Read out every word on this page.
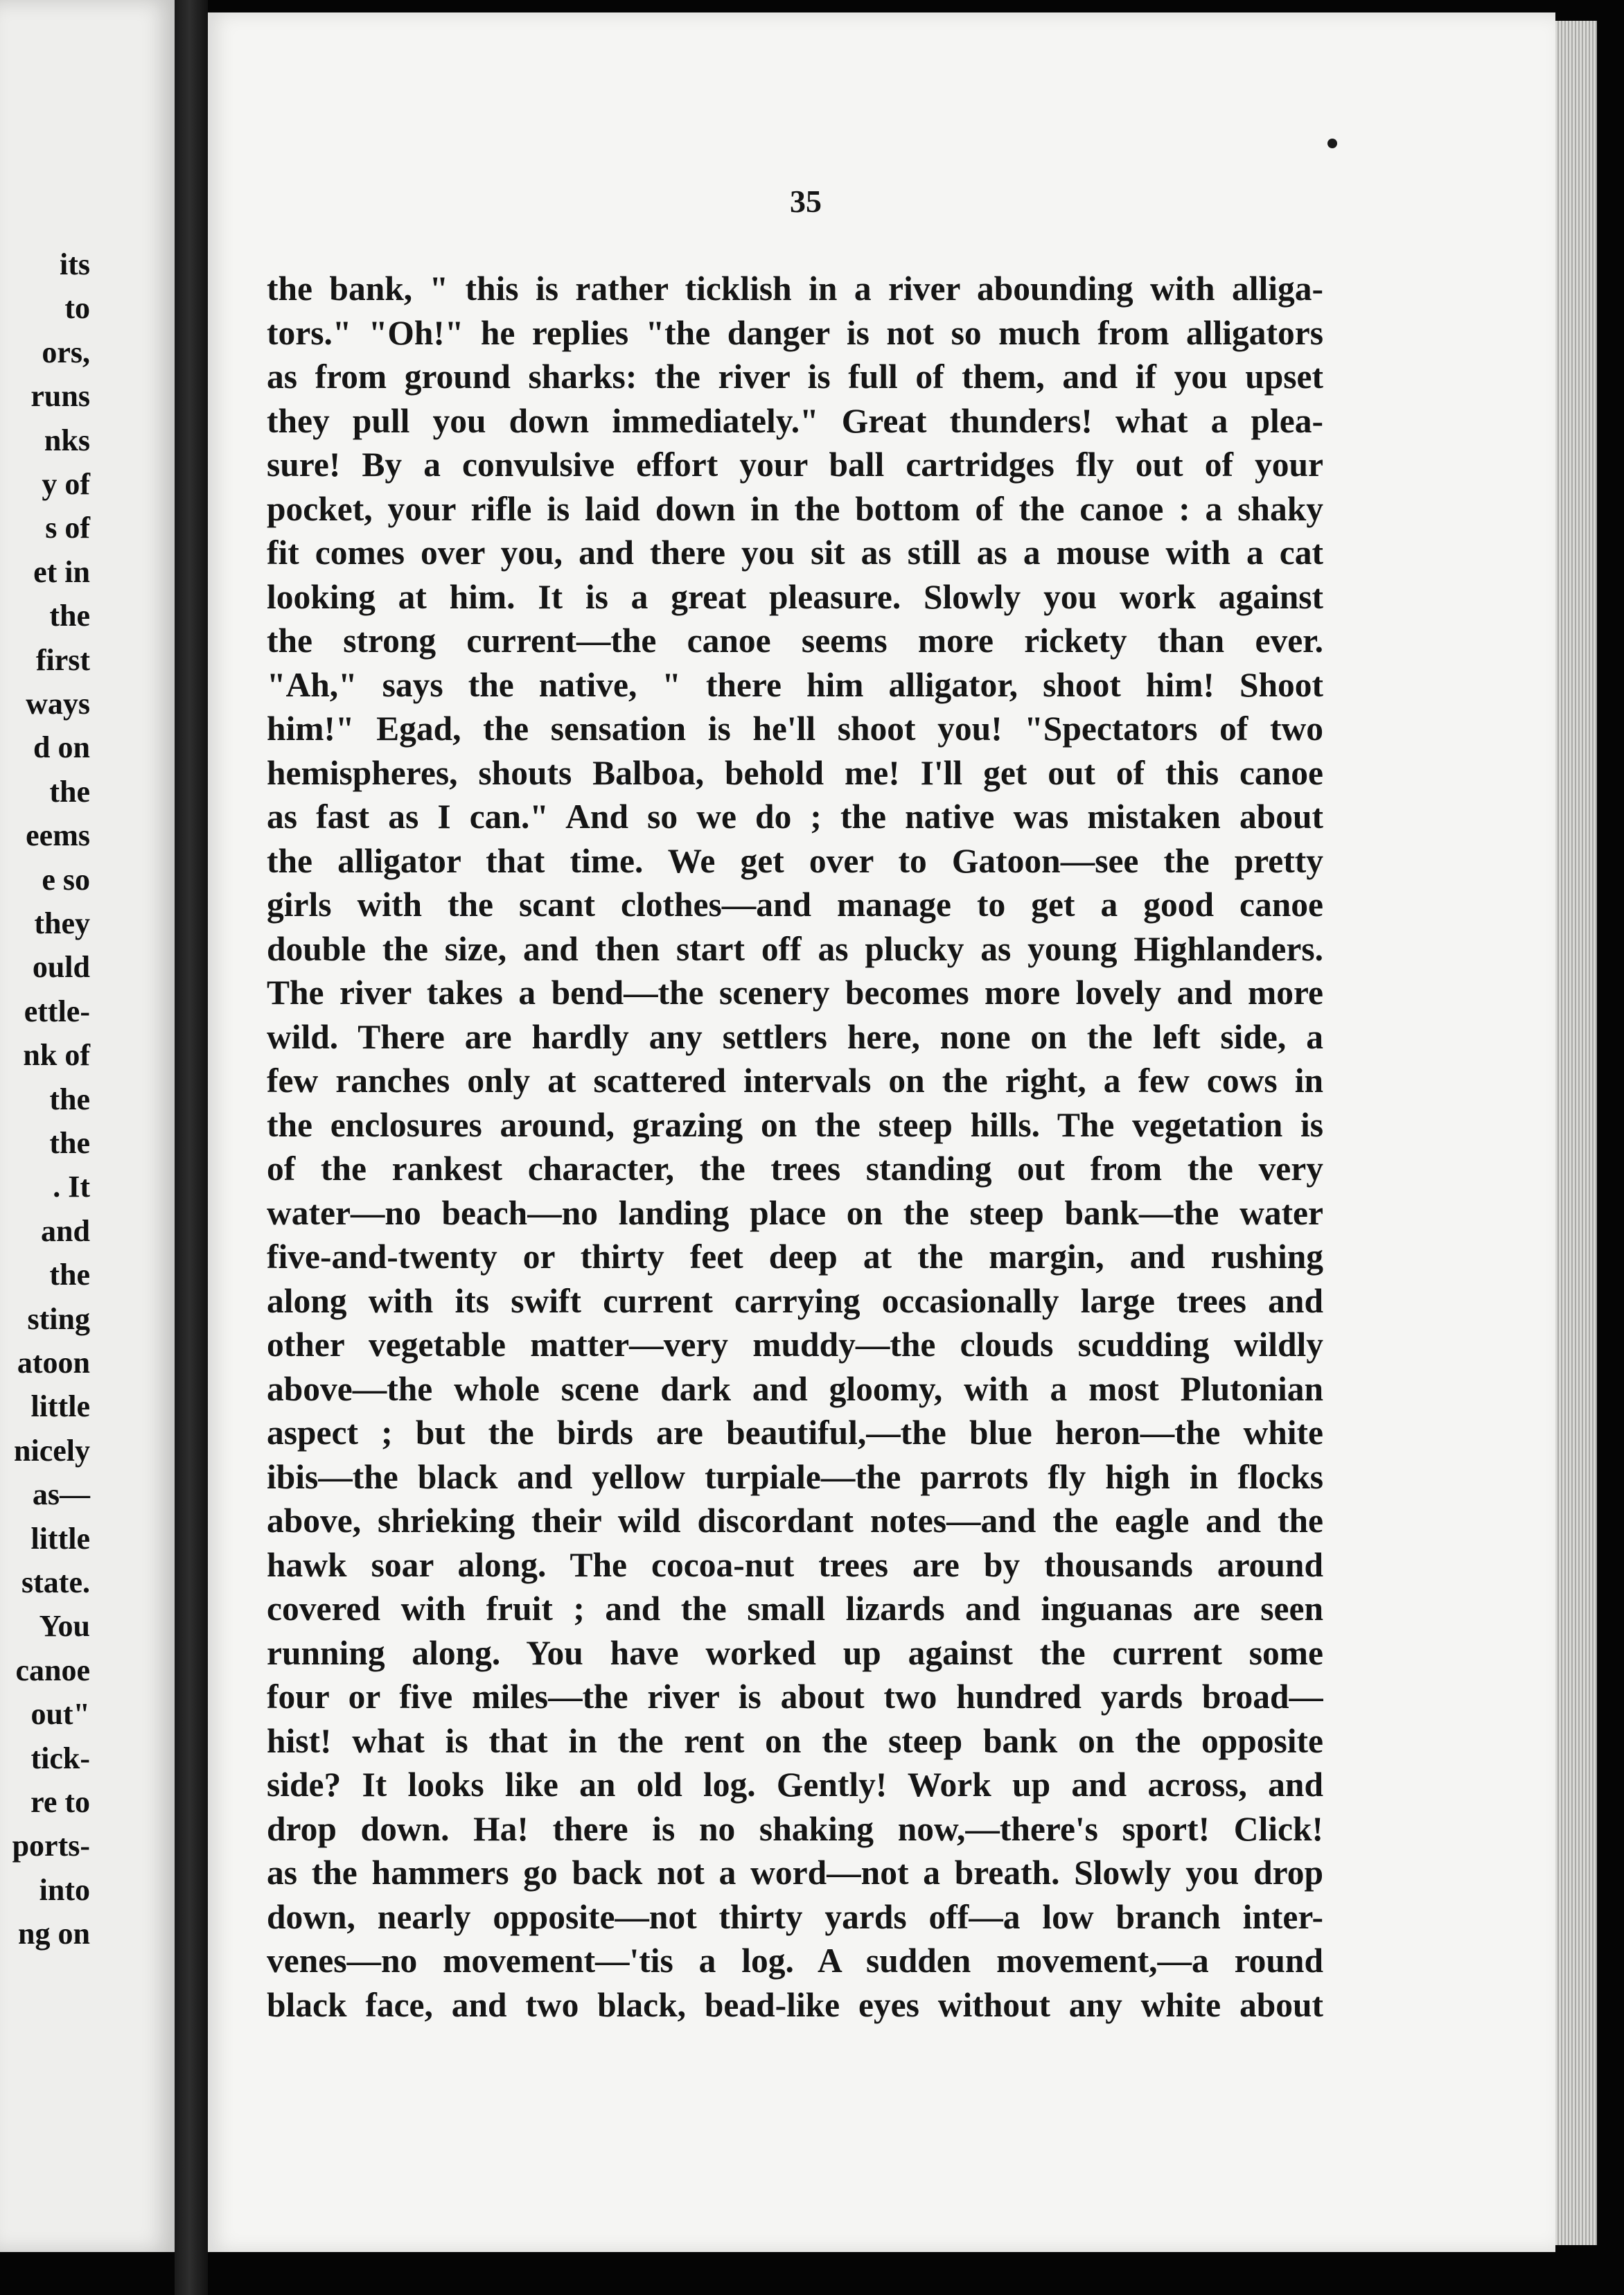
its
to
ors,
runs
nks
y of
s of
et in
the
first
ways
d on
the
eems
e so
they
ould
ettle-
nk of
the
the
. It
and
the
sting
atoon
little
nicely
as—
little
state.
You
canoe
out"
tick-
re to
ports-
into
ng on
35
the bank, " this is rather ticklish in a river abounding with alliga-
tors." "Oh!" he replies "the danger is not so much from alligators
as from ground sharks: the river is full of them, and if you upset
they pull you down immediately." Great thunders! what a plea-
sure! By a convulsive effort your ball cartridges fly out of your
pocket, your rifle is laid down in the bottom of the canoe : a shaky
fit comes over you, and there you sit as still as a mouse with a cat
looking at him. It is a great pleasure. Slowly you work against
the strong current—the canoe seems more rickety than ever.
"Ah," says the native, " there him alligator, shoot him! Shoot
him!" Egad, the sensation is he'll shoot you! "Spectators of two
hemispheres, shouts Balboa, behold me! I'll get out of this canoe
as fast as I can." And so we do ; the native was mistaken about
the alligator that time. We get over to Gatoon—see the pretty
girls with the scant clothes—and manage to get a good canoe
double the size, and then start off as plucky as young Highlanders.
The river takes a bend—the scenery becomes more lovely and more
wild. There are hardly any settlers here, none on the left side, a
few ranches only at scattered intervals on the right, a few cows in
the enclosures around, grazing on the steep hills. The vegetation is
of the rankest character, the trees standing out from the very
water—no beach—no landing place on the steep bank—the water
five-and-twenty or thirty feet deep at the margin, and rushing
along with its swift current carrying occasionally large trees and
other vegetable matter—very muddy—the clouds scudding wildly
above—the whole scene dark and gloomy, with a most Plutonian
aspect ; but the birds are beautiful,—the blue heron—the white
ibis—the black and yellow turpiale—the parrots fly high in flocks
above, shrieking their wild discordant notes—and the eagle and the
hawk soar along. The cocoa-nut trees are by thousands around
covered with fruit ; and the small lizards and inguanas are seen
running along. You have worked up against the current some
four or five miles—the river is about two hundred yards broad—
hist! what is that in the rent on the steep bank on the opposite
side? It looks like an old log. Gently! Work up and across, and
drop down. Ha! there is no shaking now,—there's sport! Click!
as the hammers go back not a word—not a breath. Slowly you drop
down, nearly opposite—not thirty yards off—a low branch inter-
venes—no movement—'tis a log. A sudden movement,—a round
black face, and two black, bead-like eyes without any white about
